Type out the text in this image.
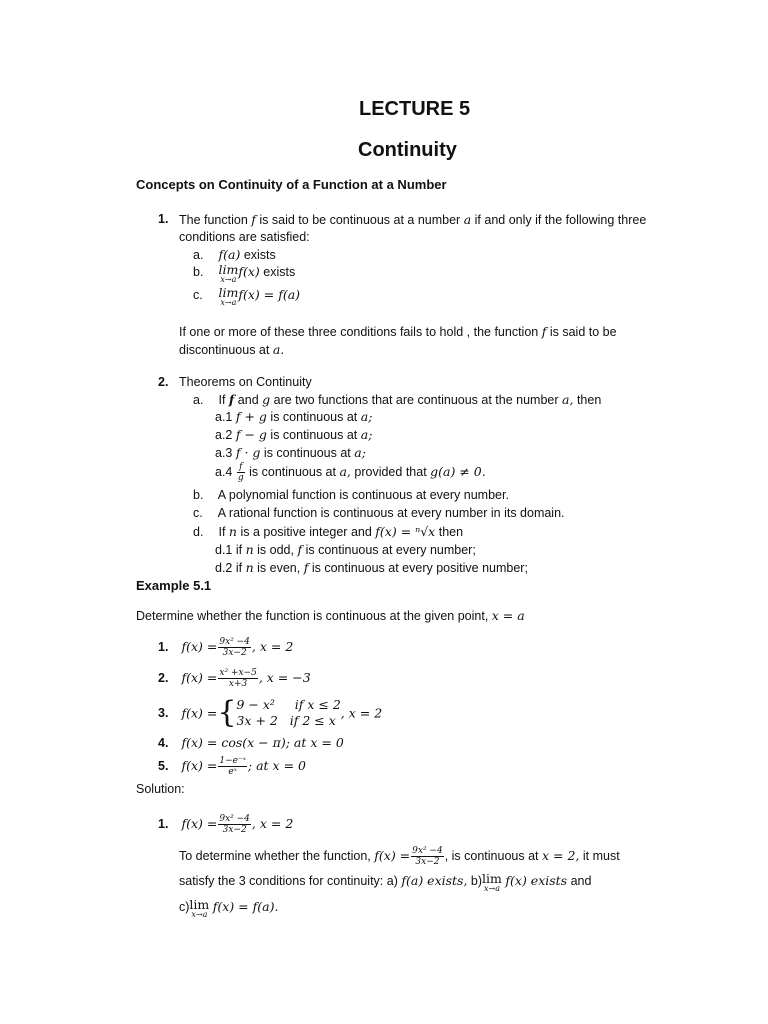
LECTURE 5
Continuity
Concepts on Continuity of a Function at a Number
1. The function f is said to be continuous at a number a if and only if the following three
conditions are satisfied:
a. f(a) exists
b. lim
x→a
f(x) exists
c. lim
x→a
f(x) = f(a)
If one or more of these three conditions fails to hold , the function f is said to be
discontinuous at a.
2. Theorems on Continuity
a. If f and g are two functions that are continuous at the number a, then
a.1 f + g is continuous at a;
a.2 f − g is continuous at a;
a.3 f · g is continuous at a;
$a.4 \frac{f}{g}$ is continuous at a, provided that g(a) ≠ 0.
b. A polynomial function is continuous at every number.
c. A rational function is continuous at every number in its domain.
d. If n is a positive integer and f(x) = ⁿ√x then
d.1 if n is odd, f is continuous at every number;
d.2 if n is even, f is continuous at every positive number;
Example 5.1
Determine whether the function is continuous at the given point, x = a
1. $f(x) = \frac{\text{9x² −4}}{3x-2}$ , x = 2
2. $f(x) = \frac{\text{x² +x−5}}{x+3}$ , x = −3
3. f(x) ={ 9 − x²     if x ≤ 2
3x + 2   if 2 ≤ x , x = 2
4. f(x) = cos(x − π); at x = 0
5. $f(x) = \frac{\text{1−e⁻ˣ}}{\text{eˣ}}$ ; at x = 0
Solution:
1. $f(x) = \frac{\text{9x² −4}}{3x-2}$ , x = 2
To determine whether the function, $f(x) = \frac{\text{9x² −4}}{3x-2}$ , is continuous at x = 2, it must
satisfy the 3 conditions for continuity: a) f(a) exists, b)lim
x→a
f(x) exists and
c)lim
x→a
f(x) = f(a).
